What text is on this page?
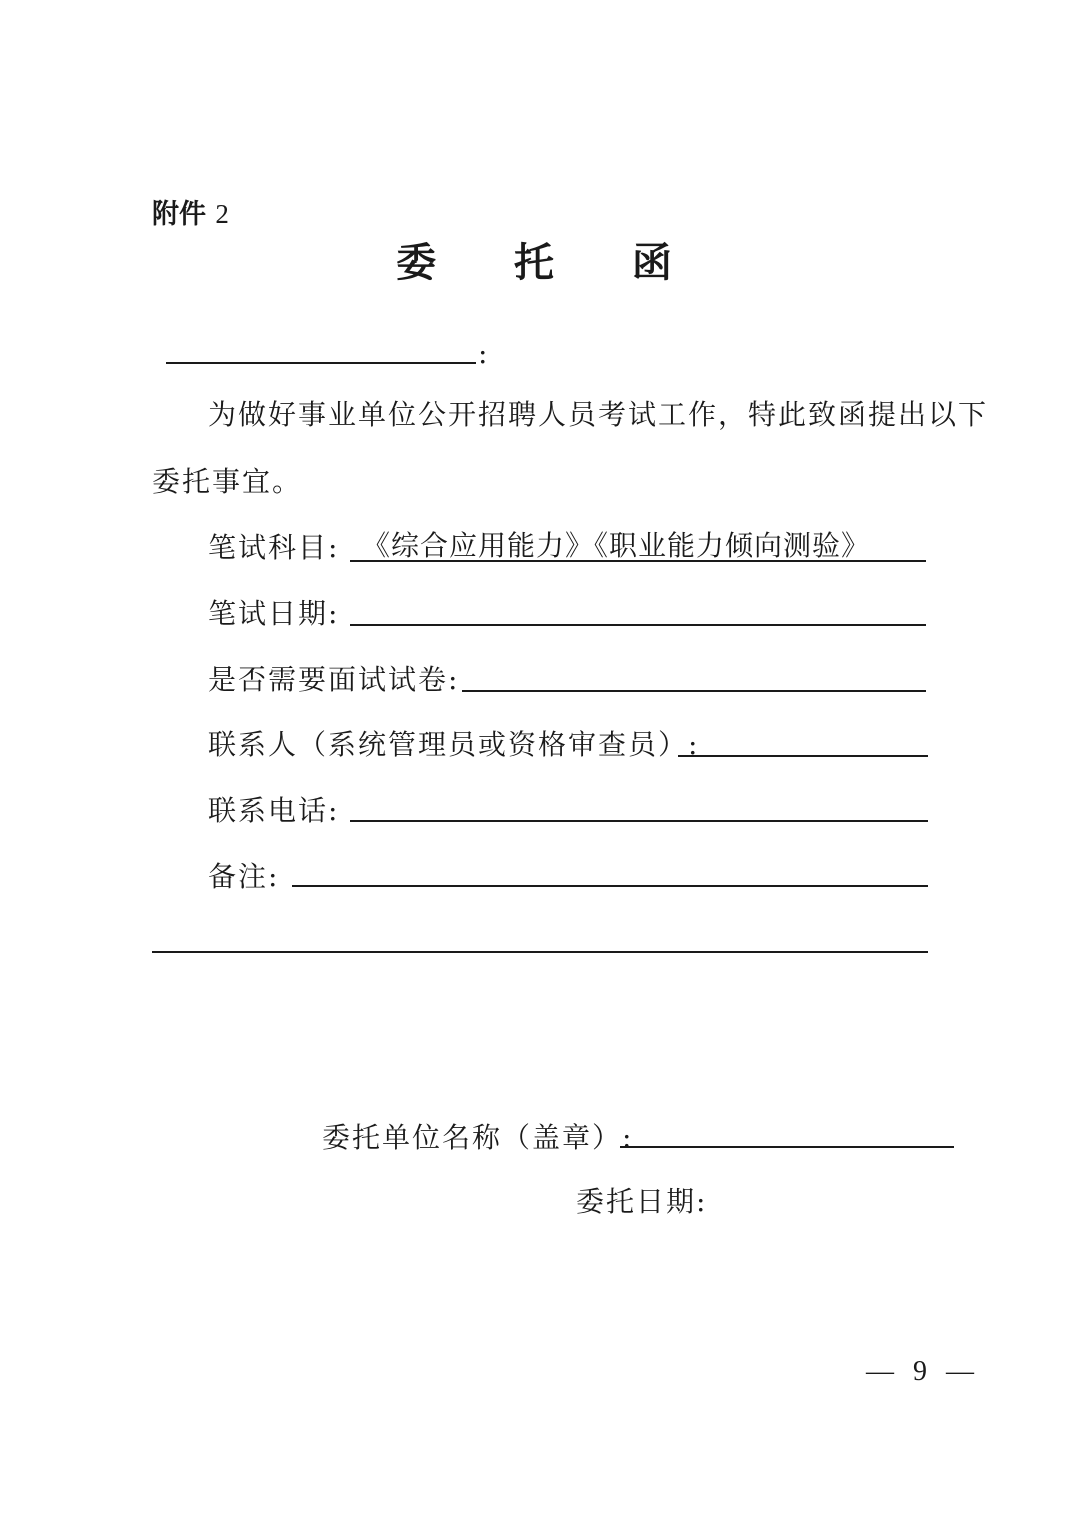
附件 2
委 托 函
:
为做好事业单位公开招聘人员考试工作，特此致函提出以下
委托事宜。
笔试科目: 《综合应用能力》《职业能力倾向测验》
笔试日期:
是否需要面试试卷:
联系人（系统管理员或资格审查员）:
联系电话:
备注:
委托单位名称（盖章）:
委托日期:
— 9 —
